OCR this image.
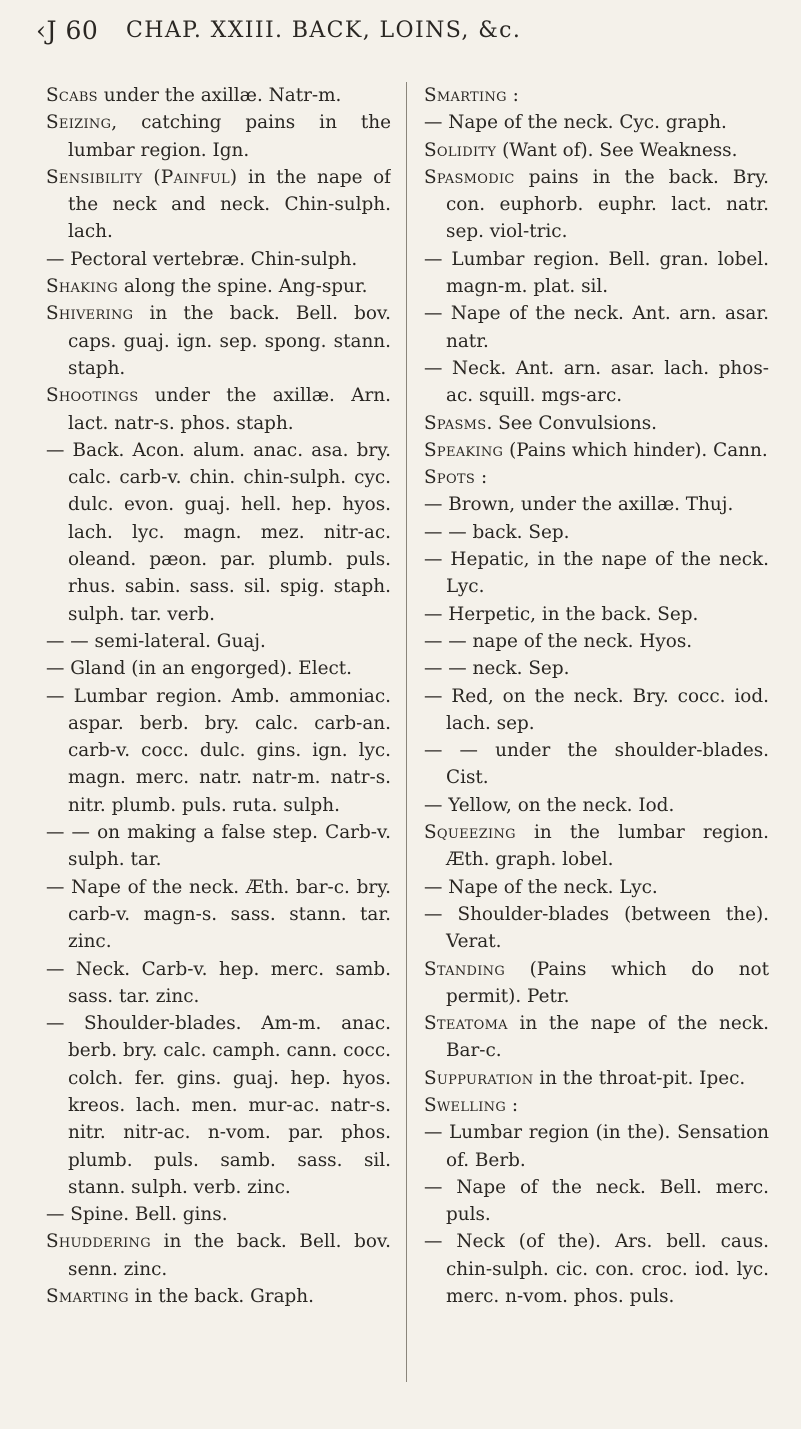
‹J 60 CHAP. XXIII. BACK, LOINS, &c.

Scabs under the axillæ. Natr-m.

Seizing, catching pains in the lumbar region. Ign.

Sensibility (Painful) in the nape of the neck and neck. Chin-sulph. lach.

— Pectoral vertebræ. Chin-sulph.

Shaking along the spine. Ang-spur.

Shivering in the back. Bell. bov. caps. guaj. ign. sep. spong. stann. staph.

Shootings under the axillæ. Arn. lact. natr-s. phos. staph.

— Back. Acon. alum. anac. asa. bry. calc. carb-v. chin. chin-sulph. cyc. dulc. evon. guaj. hell. hep. hyos. lach. lyc. magn. mez. nitr-ac. oleand. pæon. par. plumb. puls. rhus. sabin. sass. sil. spig. staph. sulph. tar. verb.

— — semi-lateral. Guaj.

— Gland (in an engorged). Elect.

— Lumbar region. Amb. ammoniac. aspar. berb. bry. calc. carb-an. carb-v. cocc. dulc. gins. ign. lyc. magn. merc. natr. natr-m. natr-s. nitr. plumb. puls. ruta. sulph.

— — on making a false step. Carb-v. sulph. tar.

— Nape of the neck. Æth. bar-c. bry. carb-v. magn-s. sass. stann. tar. zinc.

— Neck. Carb-v. hep. merc. samb. sass. tar. zinc.

— Shoulder-blades. Am-m. anac. berb. bry. calc. camph. cann. cocc. colch. fer. gins. guaj. hep. hyos. kreos. lach. men. mur-ac. natr-s. nitr. nitr-ac. n-vom. par. phos. plumb. puls. samb. sass. sil. stann. sulph. verb. zinc.

— Spine. Bell. gins.

Shuddering in the back. Bell. bov. senn. zinc.

Smarting in the back. Graph.

Smarting :

— Nape of the neck. Cyc. graph.

Solidity (Want of). See Weakness.

Spasmodic pains in the back. Bry. con. euphorb. euphr. lact. natr. sep. viol-tric.

— Lumbar region. Bell. gran. lobel. magn-m. plat. sil.

— Nape of the neck. Ant. arn. asar. natr.

— Neck. Ant. arn. asar. lach. phos-ac. squill. mgs-arc.

Spasms. See Convulsions.

Speaking (Pains which hinder). Cann.

Spots :

— Brown, under the axillæ. Thuj.

— — back. Sep.

— Hepatic, in the nape of the neck. Lyc.

— Herpetic, in the back. Sep.

— — nape of the neck. Hyos.

— — neck. Sep.

— Red, on the neck. Bry. cocc. iod. lach. sep.

— — under the shoulder-blades. Cist.

— Yellow, on the neck. Iod.

Squeezing in the lumbar region. Æth. graph. lobel.

— Nape of the neck. Lyc.

— Shoulder-blades (between the). Verat.

Standing (Pains which do not permit). Petr.

Steatoma in the nape of the neck. Bar-c.

Suppuration in the throat-pit. Ipec.

Swelling :

— Lumbar region (in the). Sensation of. Berb.

— Nape of the neck. Bell. merc. puls.

— Neck (of the). Ars. bell. caus. chin-sulph. cic. con. croc. iod. lyc. merc. n-vom. phos. puls.
